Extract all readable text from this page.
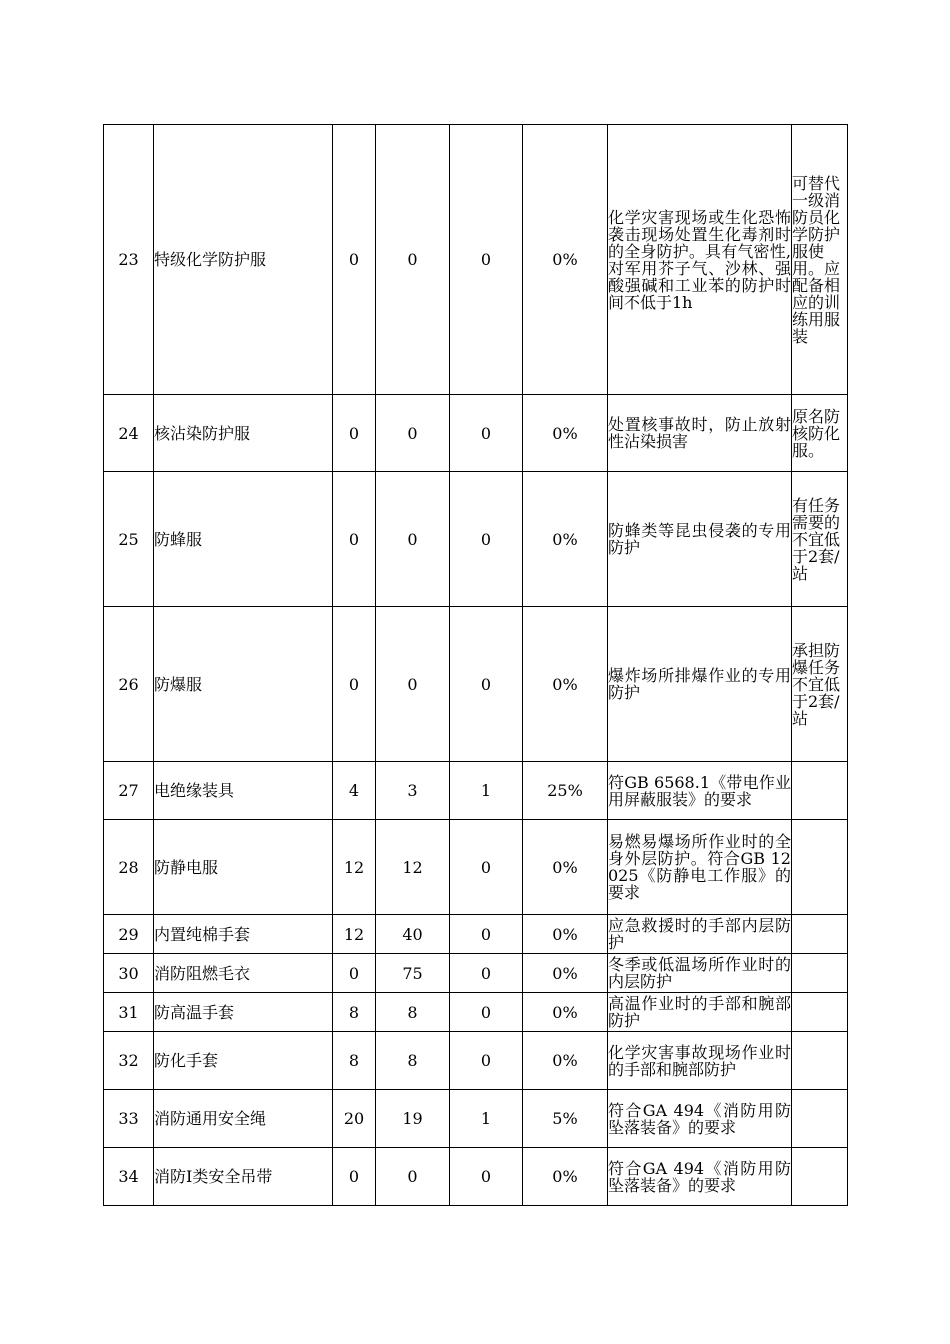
23	特级化学防护服	0	0	0	0%	化学灾害现场或生化恐怖袭击现场处置生化毒剂时的全身防护。具有气密性,对军用芥子气、沙林、强酸强碱和工业苯的防护时间不低于1h	可替代一级消防员化学防护服使用。应配备相应的训练用服装
24	核沾染防护服	0	0	0	0%	处置核事故时，防止放射性沾染损害	原名防核防化服。
25	防蜂服	0	0	0	0%	防蜂类等昆虫侵袭的专用防护	有任务需要的不宜低于2套/站
26	防爆服	0	0	0	0%	爆炸场所排爆作业的专用防护	承担防爆任务不宜低于2套/站
27	电绝缘装具	4	3	1	25%	符GB 6568.1《带电作业用屏蔽服装》的要求	
28	防静电服	12	12	0	0%	易燃易爆场所作业时的全身外层防护。符合GB 12025《防静电工作服》的要求	
29	内置纯棉手套	12	40	0	0%	应急救援时的手部内层防护	
30	消防阻燃毛衣	0	75	0	0%	冬季或低温场所作业时的内层防护	
31	防高温手套	8	8	0	0%	高温作业时的手部和腕部防护	
32	防化手套	8	8	0	0%	化学灾害事故现场作业时的手部和腕部防护	
33	消防通用安全绳	20	19	1	5%	符合GA 494《消防用防坠落装备》的要求	
34	消防Ⅰ类安全吊带	0	0	0	0%	符合GA 494《消防用防坠落装备》的要求	
